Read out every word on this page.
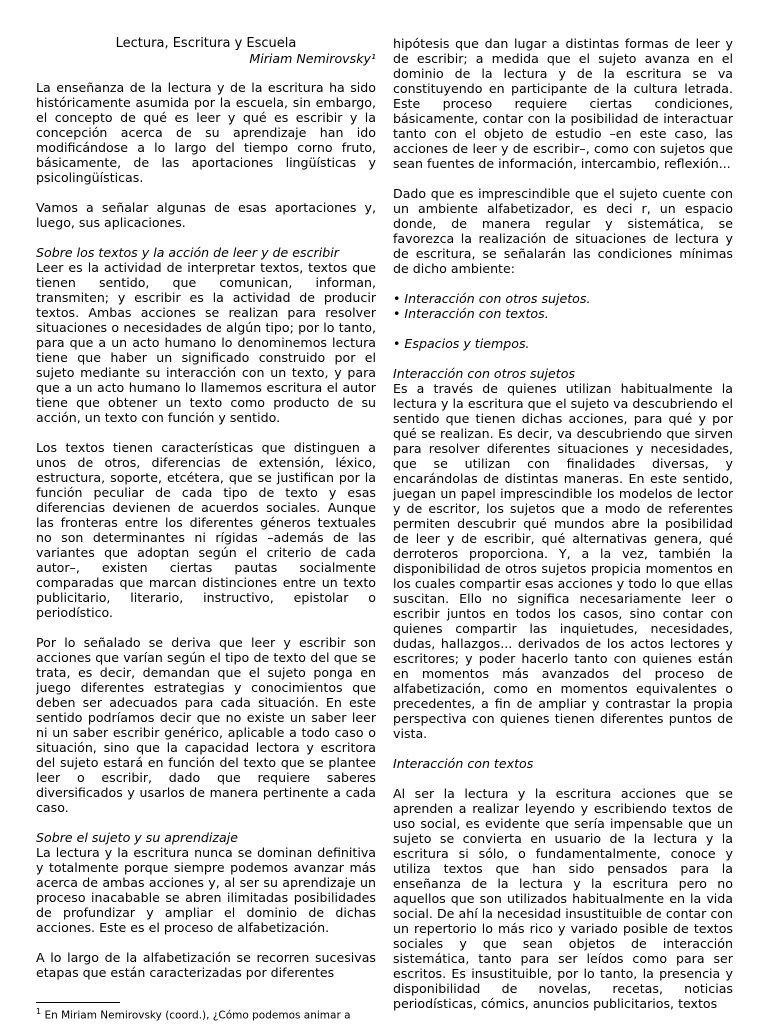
Lectura, Escritura y Escuela
Miriam Nemirovsky¹

La enseñanza de la lectura y de la escritura ha sido históricamente asumida por la escuela, sin embargo, el concepto de qué es leer y qué es escribir y la concepción acerca de su aprendizaje han ido modificándose a lo largo del tiempo corno fruto, básicamente, de las aportaciones lingüísticas y psicolingüísticas.

Vamos a señalar algunas de esas aportaciones y, luego, sus aplicaciones.

Sobre los textos y la acción de leer y de escribir

Leer es la actividad de interpretar textos, textos que tienen sentido, que comunican, informan, transmiten; y escribir es la actividad de producir textos. Ambas acciones se realizan para resolver situaciones o necesidades de algún tipo; por lo tanto, para que a un acto humano lo denominemos lectura tiene que haber un significado construido por el sujeto mediante su interacción con un texto, y para que a un acto humano lo llamemos escritura el autor tiene que obtener un texto como producto de su acción, un texto con función y sentido.

Los textos tienen características que distinguen a unos de otros, diferencias de extensión, léxico, estructura, soporte, etcétera, que se justifican por la función peculiar de cada tipo de texto y esas diferencias devienen de acuerdos sociales. Aunque las fronteras entre los diferentes géneros textuales no son determinantes ni rígidas –además de las variantes que adoptan según el criterio de cada autor–, existen ciertas pautas socialmente comparadas que marcan distinciones entre un texto publicitario, literario, instructivo, epistolar o periodístico.

Por lo señalado se deriva que leer y escribir son acciones que varían según el tipo de texto del que se trata, es decir, demandan que el sujeto ponga en juego diferentes estrategias y conocimientos que deben ser adecuados para cada situación. En este sentido podríamos decir que no existe un saber leer ni un saber escribir genérico, aplicable a todo caso o situación, sino que la capacidad lectora y escritora del sujeto estará en función del texto que se plantee leer o escribir, dado que requiere saberes diversificados y usarlos de manera pertinente a cada caso.

Sobre el sujeto y su aprendizaje

La lectura y la escritura nunca se dominan definitiva y totalmente porque siempre podemos avanzar más acerca de ambas acciones y, al ser su aprendizaje un proceso inacabable se abren ilimitadas posibilidades de profundizar y ampliar el dominio de dichas acciones. Este es el proceso de alfabetización.

A lo largo de la alfabetización se recorren sucesivas etapas que están caracterizadas por diferentes

hipótesis que dan lugar a distintas formas de leer y de escribir; a medida que el sujeto avanza en el dominio de la lectura y de la escritura se va constituyendo en participante de la cultura letrada. Este proceso requiere ciertas condiciones, básicamente, contar con la posibilidad de interactuar tanto con el objeto de estudio –en este caso, las acciones de leer y de escribir–, como con sujetos que sean fuentes de información, intercambio, reflexión...

Dado que es imprescindible que el sujeto cuente con un ambiente alfabetizador, es deci r, un espacio donde, de manera regular y sistemática, se favorezca la realización de situaciones de lectura y de escritura, se señalarán las condiciones mínimas de dicho ambiente:

• Interacción con otros sujetos.
• Interacción con textos.
• Espacios y tiempos.
Interacción con otros sujetos

Es a través de quienes utilizan habitualmente la lectura y la escritura que el sujeto va descubriendo el sentido que tienen dichas acciones, para qué y por qué se realizan. Es decir, va descubriendo que sirven para resolver diferentes situaciones y necesidades, que se utilizan con finalidades diversas, y encarándolas de distintas maneras. En este sentido, juegan un papel imprescindible los modelos de lector y de escritor, los sujetos que a modo de referentes permiten descubrir qué mundos abre la posibilidad de leer y de escribir, qué alternativas genera, qué derroteros proporciona. Y, a la vez, también la disponibilidad de otros sujetos propicia momentos en los cuales compartir esas acciones y todo lo que ellas suscitan. Ello no significa necesariamente leer o escribir juntos en todos los casos, sino contar con quienes compartir las inquietudes, necesidades, dudas, hallazgos... derivados de los actos lectores y escritores; y poder hacerlo tanto con quienes están en momentos más avanzados del proceso de alfabetización, como en momentos equivalentes o precedentes, a fin de ampliar y contrastar la propia perspectiva con quienes tienen diferentes puntos de vista.

Interacción con textos

Al ser la lectura y la escritura acciones que se aprenden a realizar leyendo y escribiendo textos de uso social, es evidente que sería impensable que un sujeto se convierta en usuario de la lectura y la escritura si sólo, o fundamentalmente, conoce y utiliza textos que han sido pensados para la enseñanza de la lectura y la escritura pero no aquellos que son utilizados habitualmente en la vida social. De ahí la necesidad insustituible de contar con un repertorio lo más rico y variado posible de textos sociales y que sean objetos de interacción sistemática, tanto para ser leídos como para ser escritos. Es insustituible, por lo tanto, la presencia y disponibilidad de novelas, recetas, noticias periodísticas, cómics, anuncios publicitarios, textos

$^1$ En Miriam Nemirovsky (coord.), ¿Cómo podemos animar a
